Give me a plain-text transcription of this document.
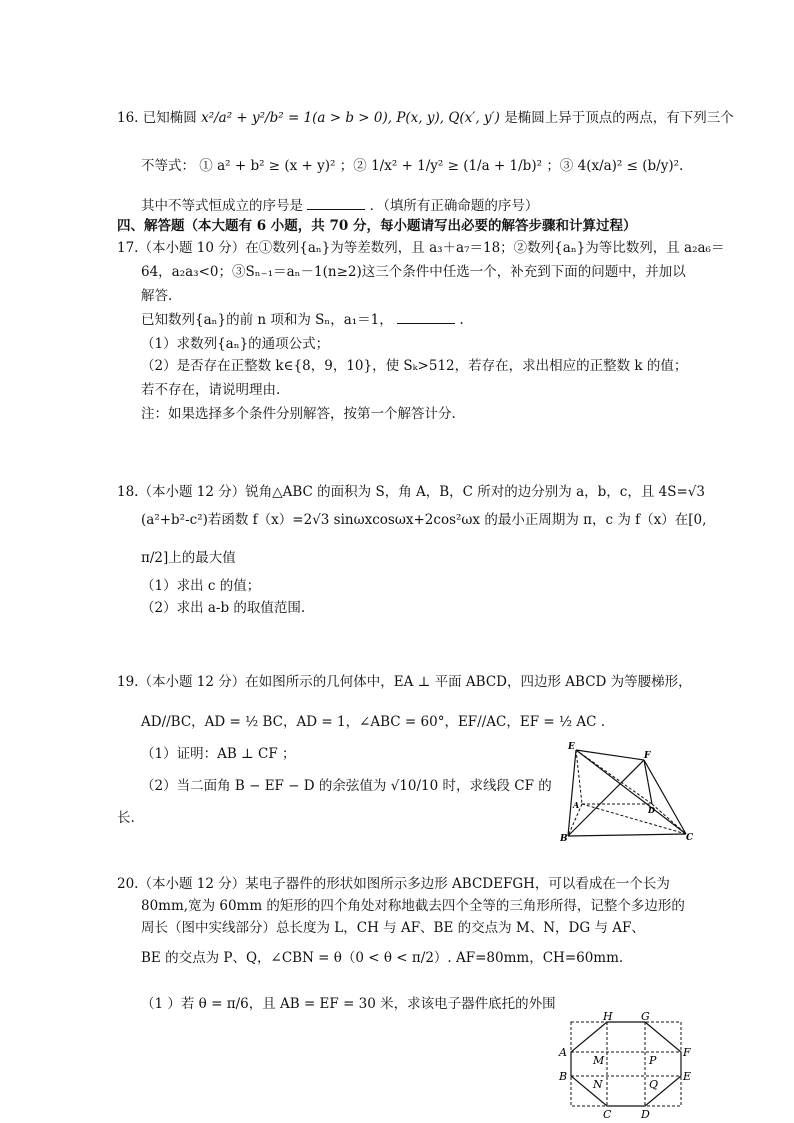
16. 已知椭圆 x²/a² + y²/b² = 1(a > b > 0), P(x, y), Q(x′, y′) 是椭圆上异于顶点的两点，有下列三个
不等式： ① a² + b² ≥ (x + y)² ；② 1/x² + 1/y² ≥ (1/a + 1/b)² ；③ 4(x/a)² ≤ (b/y)².
其中不等式恒成立的序号是	．（填所有正确命题的序号）
四、解答题（本大题有 6 小题，共 70 分，每小题请写出必要的解答步骤和计算过程）
17.（本小题 10 分）在①数列{aₙ}为等差数列，且 a₃＋a₇＝18；②数列{aₙ}为等比数列，且 a₂a₆＝
64，a₂a₃<0；③Sₙ₋₁＝aₙ－1(n≥2)这三个条件中任选一个，补充到下面的问题中，并加以
解答.
已知数列{aₙ}的前 n 项和为 Sₙ，a₁＝1，	.
（1）求数列{aₙ}的通项公式；
（2）是否存在正整数 k∈{8，9，10}，使 Sₖ>512，若存在，求出相应的正整数 k 的值；
若不存在，请说明理由.
注：如果选择多个条件分别解答，按第一个解答计分.
18.（本小题 12 分）锐角△ABC 的面积为 S，角 A，B，C 所对的边分别为 a，b，c，且 4S=√3
(a²+b²-c²)若函数 f（x）=2√3 sinωxcosωx+2cos²ωx 的最小正周期为 π，c 为 f（x）在[0,
π/2]上的最大值
（1）求出 c 的值；
（2）求出 a-b 的取值范围.
19.（本小题 12 分）在如图所示的几何体中，EA ⊥ 平面 ABCD，四边形 ABCD 为等腰梯形，
AD//BC，AD = ½ BC，AD = 1，∠ABC = 60°，EF//AC，EF = ½ AC .
（1）证明：AB ⊥ CF ；
（2）当二面角 B − EF − D 的余弦值为 √10/10 时，求线段 CF 的
长.
E
F
A	D
B	C
20.（本小题 12 分）某电子器件的形状如图所示多边形 ABCDEFGH，可以看成在一个长为
80mm,宽为 60mm 的矩形的四个角处对称地截去四个全等的三角形所得，记整个多边形的
周长（图中实线部分）总长度为 L，CH 与 AF、BE 的交点为 M、N，DG 与 AF、
BE 的交点为 P、Q，∠CBN = θ（0 < θ < π/2）. AF=80mm，CH=60mm.
（1 ）若 θ = π/6，且 AB = EF = 30 米，求该电子器件底托的外围
H	G
A	F
M	P
N	Q
B	E
C	D
